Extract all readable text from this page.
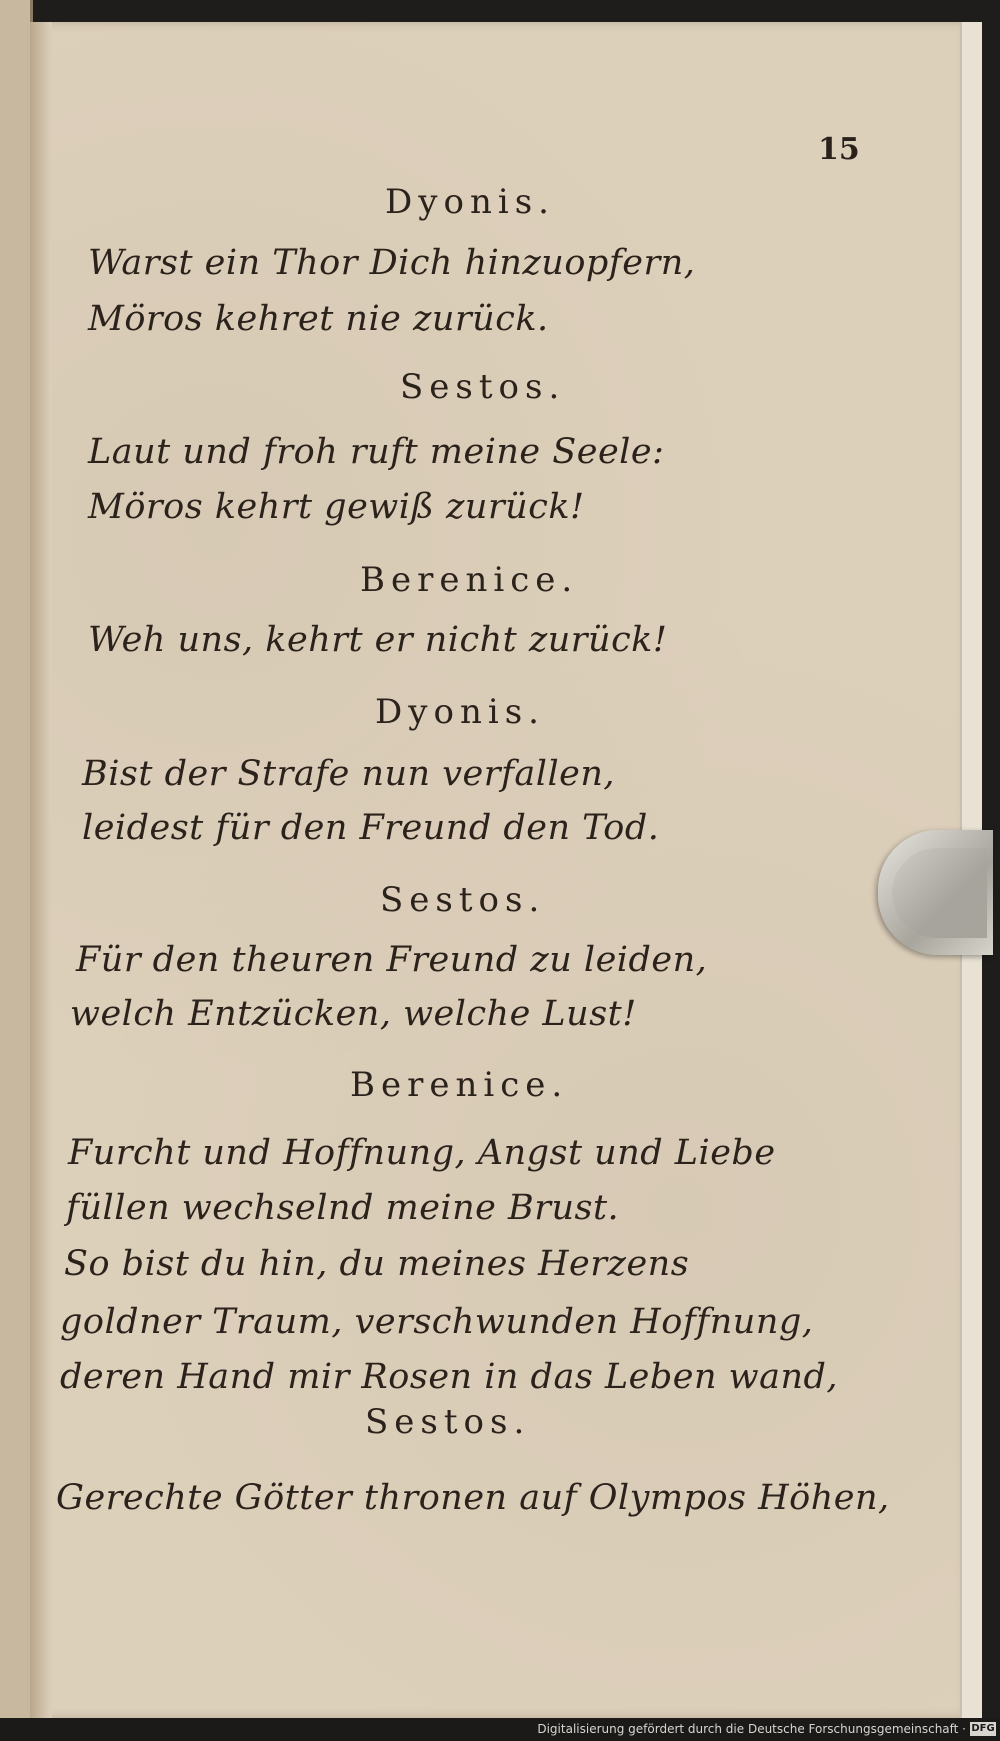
15
Dyonis.
Warst ein Thor Dich hinzuopfern,
Möros kehret nie zurück.
Sestos.
Laut und froh ruft meine Seele:
Möros kehrt gewiß zurück!
Berenice.
Weh uns, kehrt er nicht zurück!
Dyonis.
Bist der Strafe nun verfallen,
leidest für den Freund den Tod.
Sestos.
Für den theuren Freund zu leiden,
welch Entzücken, welche Lust!
Berenice.
Furcht und Hoffnung, Angst und Liebe
füllen wechselnd meine Brust.
So bist du hin, du meines Herzens
goldner Traum, verschwunden Hoffnung,
deren Hand mir Rosen in das Leben wand,
Sestos.
Gerechte Götter thronen auf Olympos Höhen,
Digitalisierung gefördert durch die Deutsche Forschungsgemeinschaft · DFG
